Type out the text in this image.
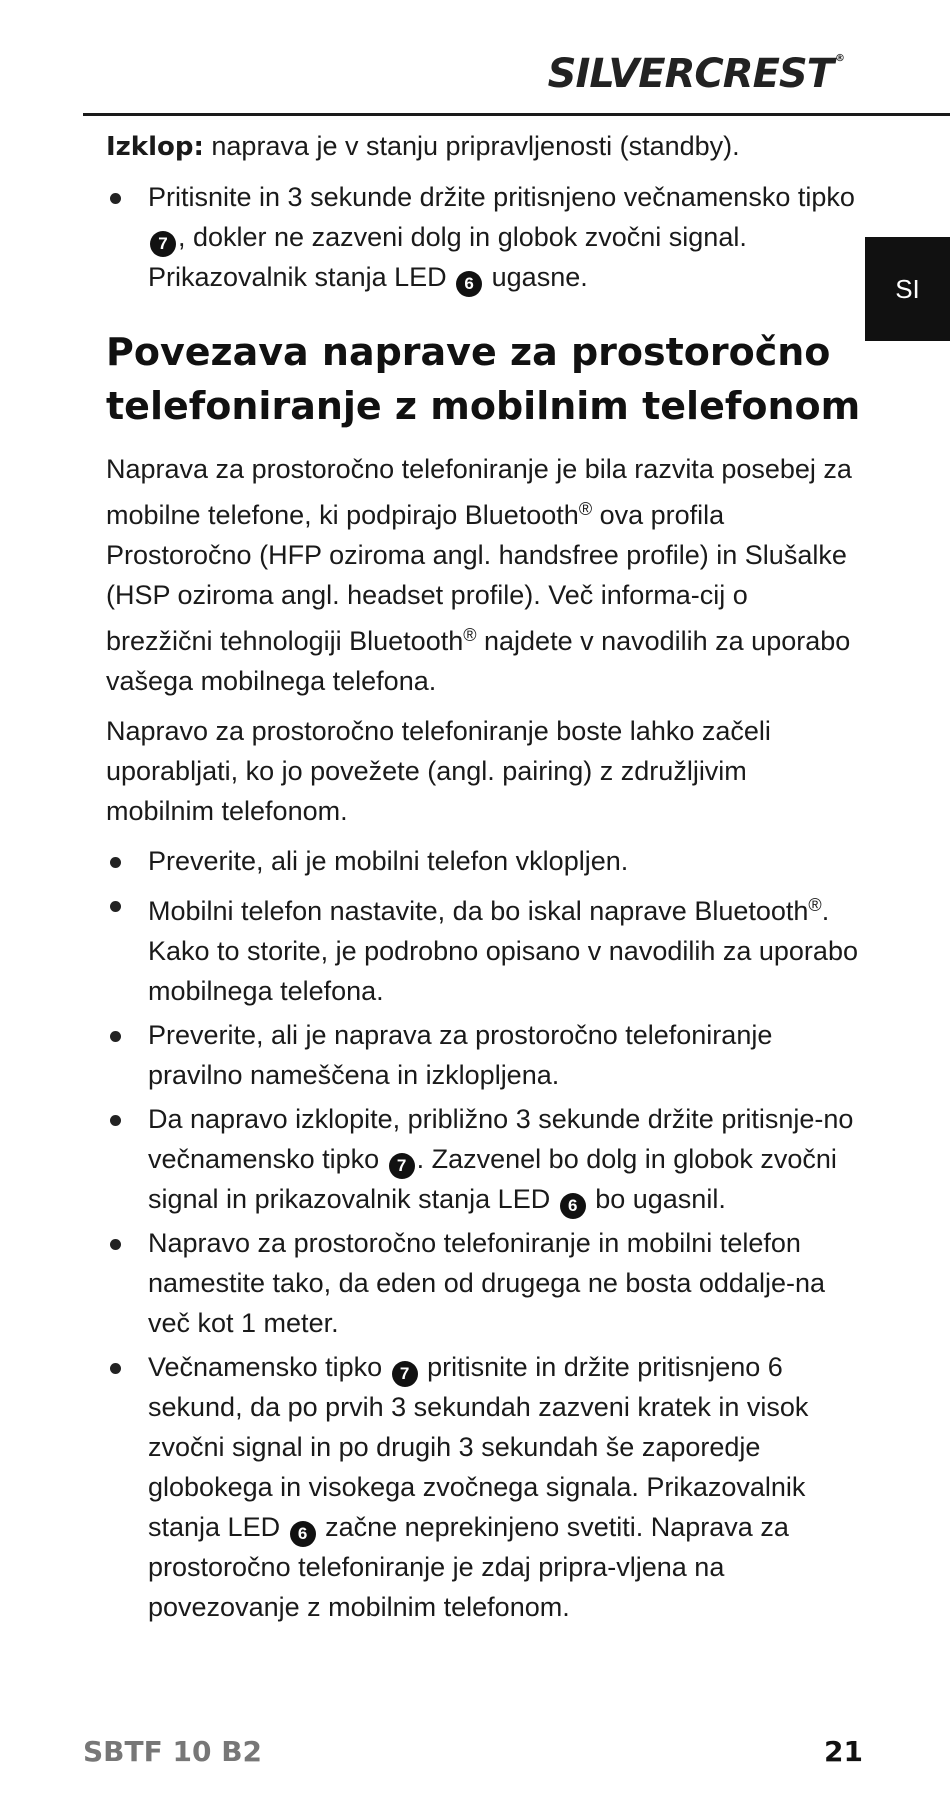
SILVERCREST ®
SI

Izklop: naprava je v stanju pripravljenosti (standby).

Pritisnite in 3 sekunde držite pritisnjeno večnamensko tipko 7 , dokler ne zazveni dolg in globok zvočni signal. Prikazovalnik stanja LED 6 ugasne.
Povezava naprave za prostoročno telefoniranje z mobilnim telefonom

Naprava za prostoročno telefoniranje je bila razvita posebej za mobilne telefone, ki podpirajo Bluetooth® ova profila Prostoročno (HFP oziroma angl. handsfree profile) in Slušalke (HSP oziroma angl. headset profile). Več informa-cij o brezžični tehnologiji Bluetooth® najdete v navodilih za uporabo vašega mobilnega telefona.

Napravo za prostoročno telefoniranje boste lahko začeli uporabljati, ko jo povežete (angl. pairing) z združljivim mobilnim telefonom.

Preverite, ali je mobilni telefon vklopljen.
Mobilni telefon nastavite, da bo iskal naprave Bluetooth®. Kako to storite, je podrobno opisano v navodilih za uporabo mobilnega telefona.
Preverite, ali je naprava za prostoročno telefoniranje pravilno nameščena in izklopljena.
Da napravo izklopite, približno 3 sekunde držite pritisnje-no večnamensko tipko 7 . Zazvenel bo dolg in globok zvočni signal in prikazovalnik stanja LED 6 bo ugasnil.
Napravo za prostoročno telefoniranje in mobilni telefon namestite tako, da eden od drugega ne bosta oddalje-na več kot 1 meter.
Večnamensko tipko 7 pritisnite in držite pritisnjeno 6 sekund, da po prvih 3 sekundah zazveni kratek in visok zvočni signal in po drugih 3 sekundah še zaporedje globokega in visokega zvočnega signala. Prikazovalnik stanja LED 6 začne neprekinjeno svetiti. Naprava za prostoročno telefoniranje je zdaj pripra-vljena na povezovanje z mobilnim telefonom.
SBTF 10 B2	21
